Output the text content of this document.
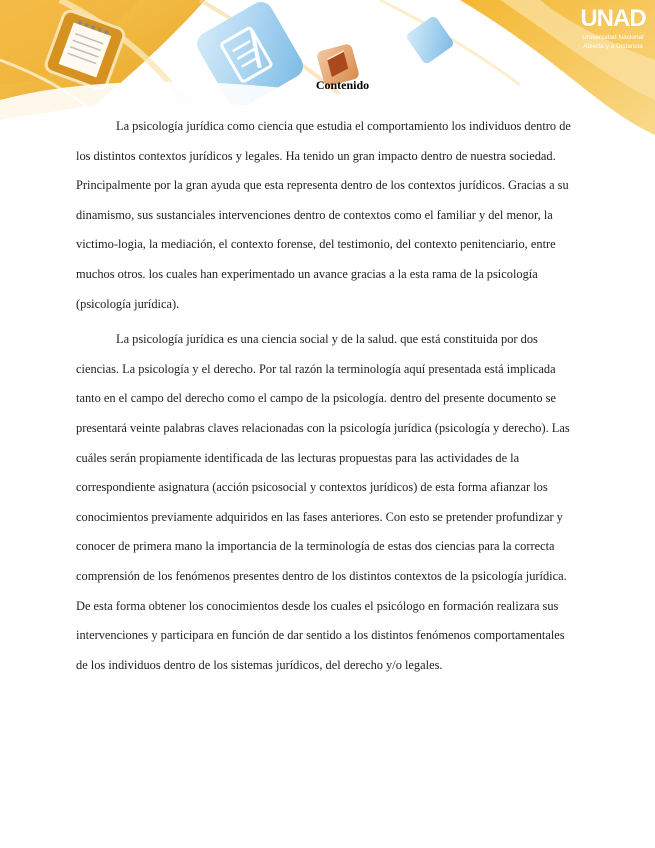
UNAD
Universidad Nacional
Abierta y a Distancia
Contenido

La psicología jurídica como ciencia que estudia el comportamiento los individuos dentro de los distintos contextos jurídicos y legales. Ha tenido un gran impacto dentro de nuestra sociedad. Principalmente por la gran ayuda que esta representa dentro de los contextos jurídicos. Gracias a su dinamismo, sus sustanciales intervenciones dentro de contextos como el familiar y del menor, la victimo-logia, la mediación, el contexto forense, del testimonio, del contexto penitenciario, entre muchos otros. los cuales han experimentado un avance gracias a la esta rama de la psicología (psicología jurídica).

La psicología jurídica es una ciencia social y de la salud. que está constituida por dos ciencias. La psicología y el derecho. Por tal razón la terminología aquí presentada está implicada tanto en el campo del derecho como el campo de la psicología. dentro del presente documento se presentará veinte palabras claves relacionadas con la psicología jurídica (psicología y derecho). Las cuáles serán propiamente identificada de las lecturas propuestas para las actividades de la correspondiente asignatura (acción psicosocial y contextos jurídicos) de esta forma afianzar los conocimientos previamente adquiridos en las fases anteriores. Con esto se pretender profundizar y conocer de primera mano la importancia de la terminología de estas dos ciencias para la correcta comprensión de los fenómenos presentes dentro de los distintos contextos de la psicología jurídica. De esta forma obtener los conocimientos desde los cuales el psicólogo en formación realizara sus intervenciones y participara en función de dar sentido a los distintos fenómenos comportamentales de los individuos dentro de los sistemas jurídicos, del derecho y/o legales.
